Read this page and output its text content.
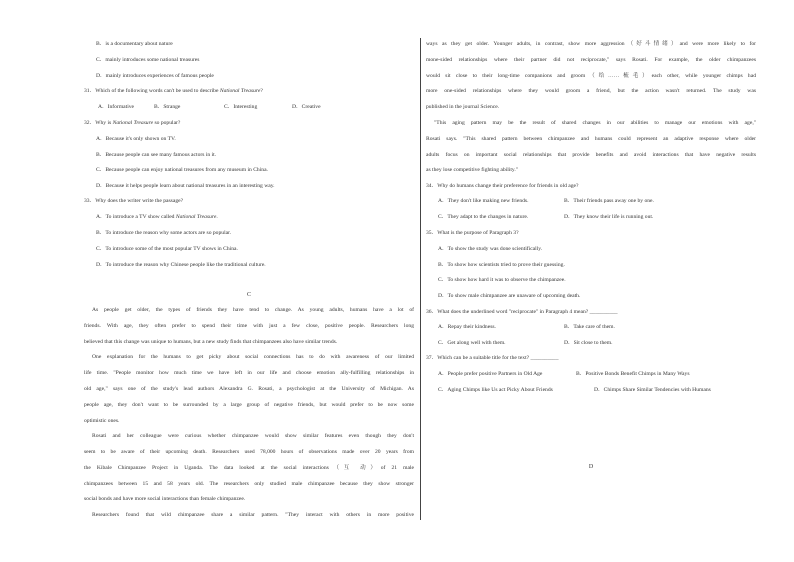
B．is a documentary about nature
C．mainly introduces some national treasures
D．mainly introduces experiences of famous people
31．Which of the following words can't be used to describe National Treasure?
A．Informative	B．Strange	C．Interesting	D．Creative
32．Why is National Treasure so popular?
A．Because it's only shown on TV.
B．Because people can see many famous actors in it.
C．Because people can enjoy national treasures from any museum in China.
D．Because it helps people learn about national treasures in an interesting way.
33．Why does the writer write the passage?
A．To introduce a TV show called National Treasure.
B．To introduce the reason why some actors are so popular.
C．To introduce some of the most popular TV shows in China.
D．To introduce the reason why Chinese people like the traditional culture.
C
As people get older, the types of friends they have tend to change. As young adults, humans have a lot of
friends. With age, they often prefer to spend their time with just a few close, positive people. Researchers long
believed that this change was unique to humans, but a new study finds that chimpanzees also have similar trends.
One explanation for the humans to get picky about social connections has to do with awareness of our limited
life time. "People monitor how much time we have left in our life and choose emotion ally-fulfilling relationships in
old age," says one of the study's lead authors Alexandra G. Rosati, a psychologist at the University of Michigan. As
people age, they don't want to be surrounded by a large group of negative friends, but would prefer to be now some
optimistic ones.
Rosati and her colleague were curious whether chimpanzee would show similar features even though they don't
seem to be aware of their upcoming death. Researchers used 78,000 hours of observations made over 20 years from
the Kibale Chimpanzee Project in Uganda. The data looked at the social interactions（互 动）of 21 male
chimpanzees between 15 and 58 years old. The researchers only studied male chimpanzee because they show stronger
social bonds and have more social interactions than female chimpanzee.
Researchers found that wild chimpanzee share a similar pattern. "They interact with others in more positive
ways as they get older. Younger adults, in contrast, show more aggression（好斗情绪）and were more likely to for
mone-sided relationships where their partner did not reciprocate," says Rosati. For example, the older chimpanzees
would sit close to their long-time companions and groom（给……梳毛）each other, while younger chimps had
more one-sided relationships where they would groom a friend, but the action wasn't returned. The study was
published in the journal Science.
"This aging pattern may be the result of shared changes in our abilities to manage our emotions with age,"
Rosati says. "This shared pattern between chimpanzee and humans could represent an adaptive response where older
adults focus on important social relationships that provide benefits and avoid interactions that have negative results
as they lose competitive fighting ability."
34．Why do humans change their preference for friends in old age?
A．They don't like making new friends.	B．Their friends pass away one by one.
C．They adapt to the changes in nature.	D．They know their life is running out.
35．What is the purpose of Paragraph 3?
A．To show the study was done scientifically.
B．To show how scientists tried to prove their guessing.
C．To show how hard it was to observe the chimpanzee.
D．To show male chimpanzee are unaware of upcoming death.
36．What does the underlined word "reciprocate" in Paragraph 4 mean? __________
A．Repay their kindness.	B．Take care of them.
C．Get along well with them.	D．Sit close to them.
37．Which can be a suitable title for the text? __________
A．People prefer positive Partners in Old Age	B．Positive Bonds Benefit Chimps in Many Ways
C．Aging Chimps like Us act Picky About Friends	D．Chimps Share Similar Tendencies with Humans
D
